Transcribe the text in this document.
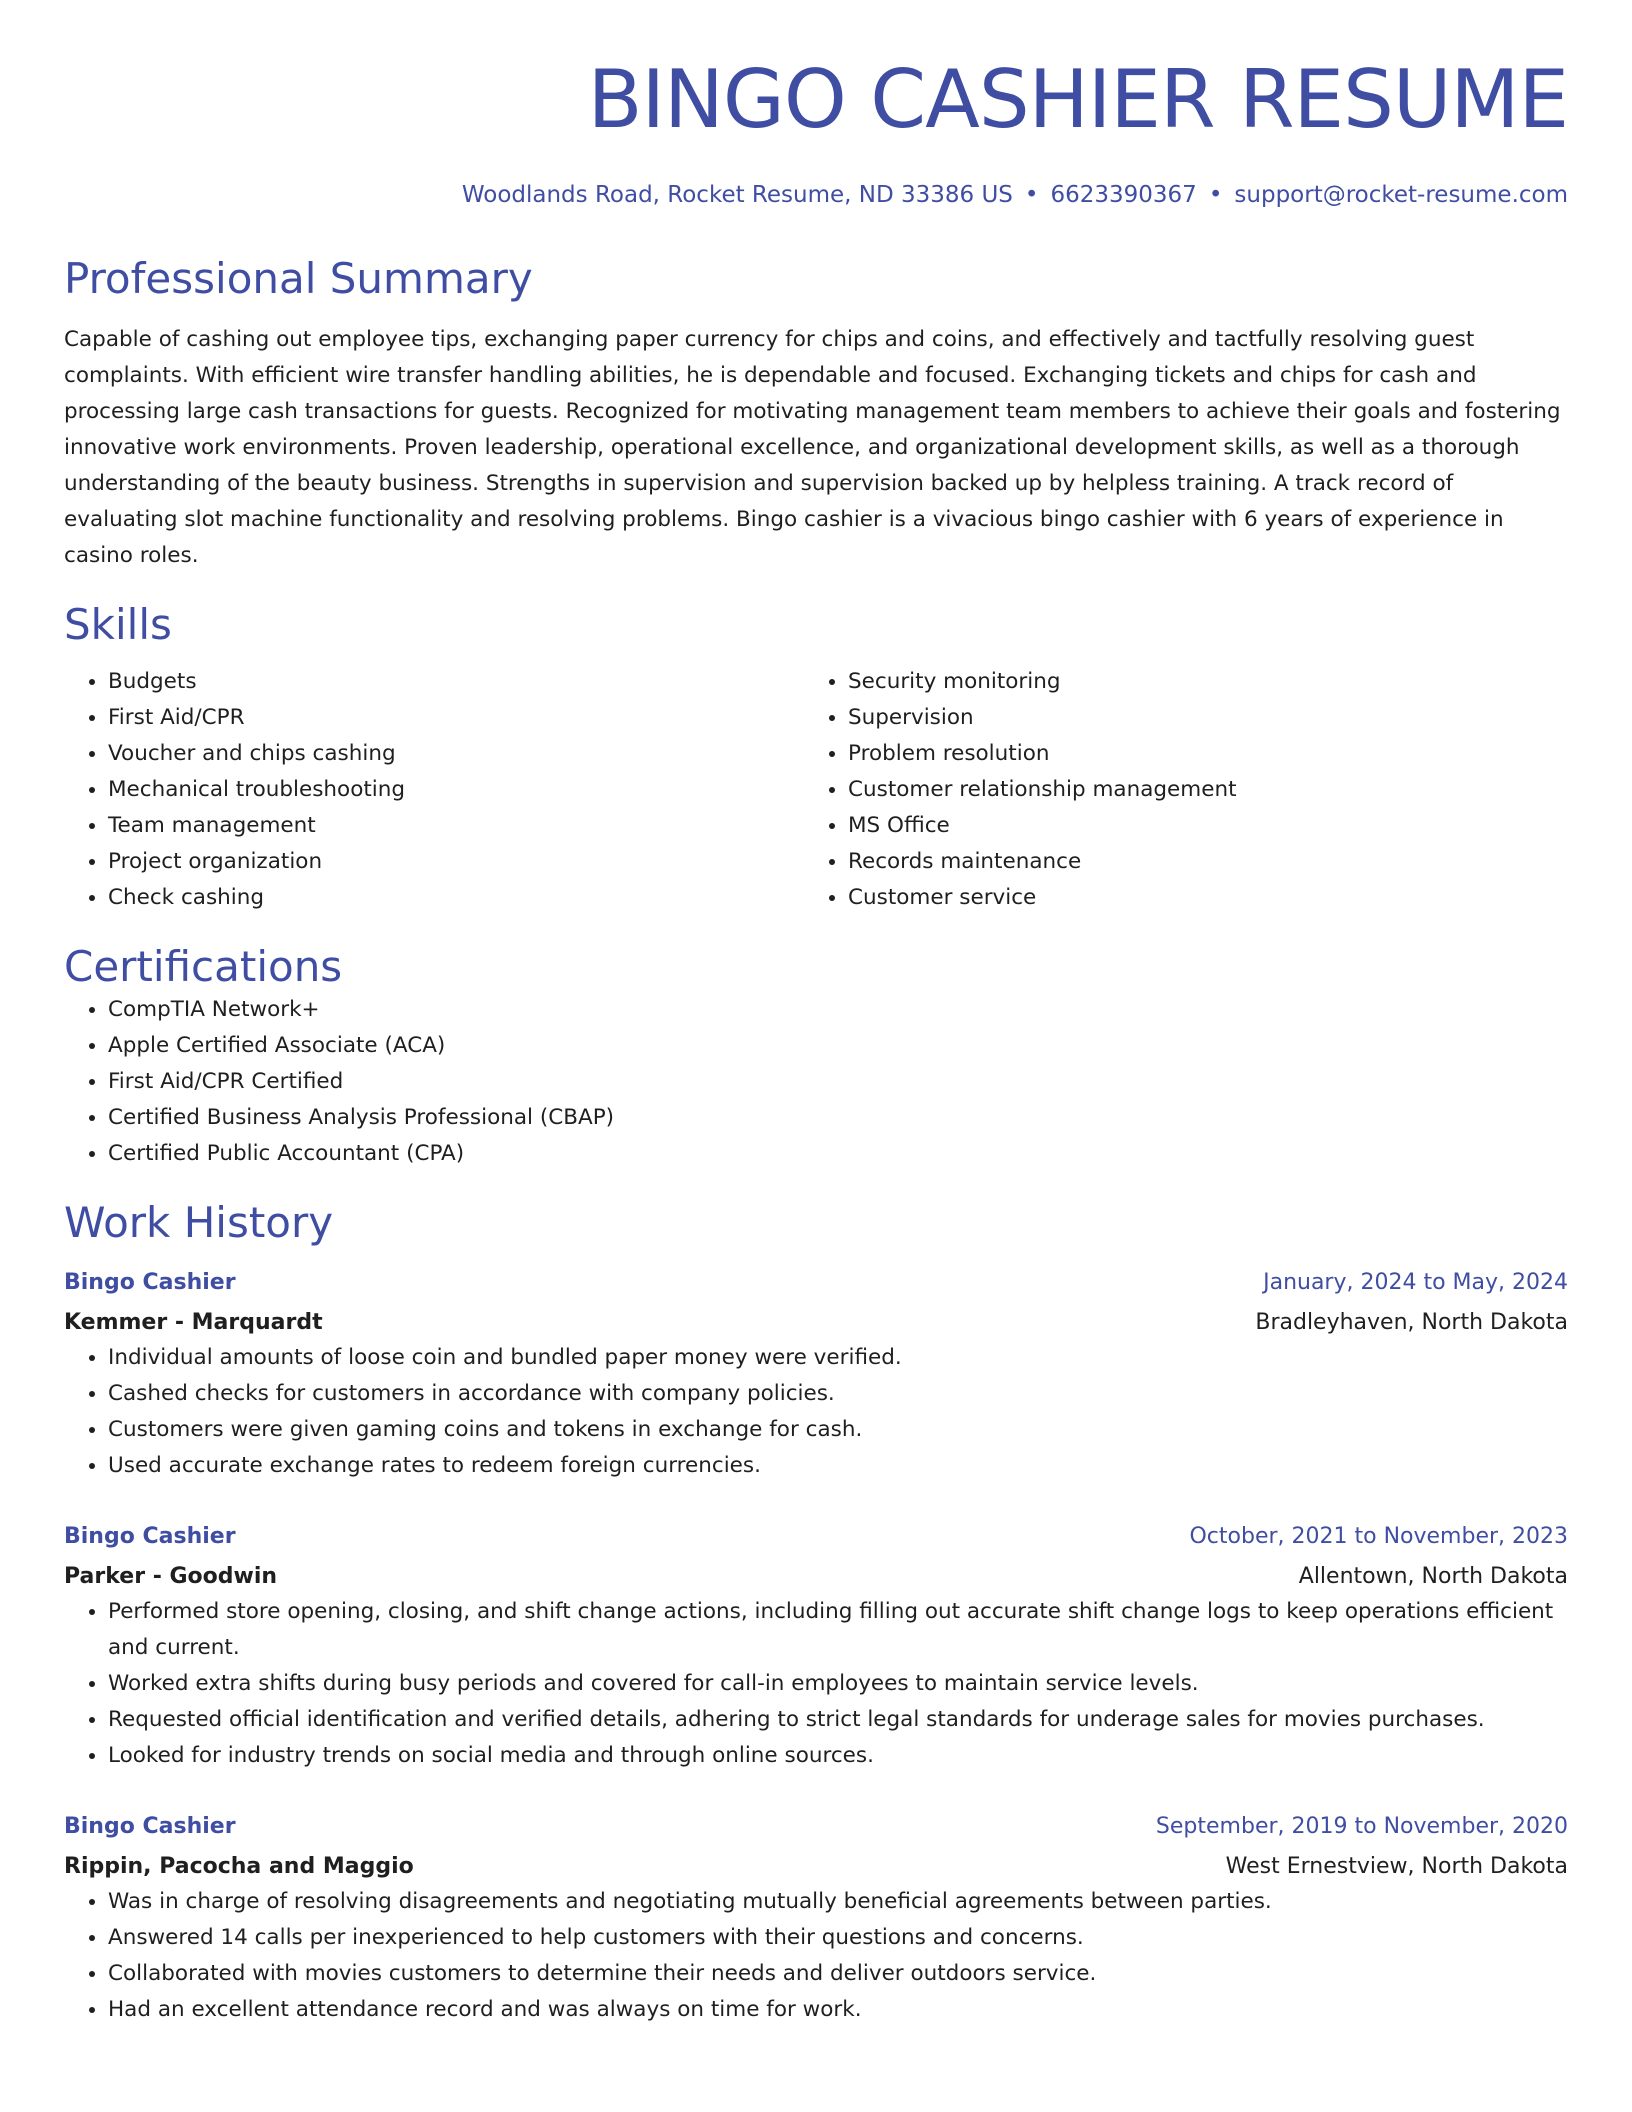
BINGO CASHIER RESUME
Woodlands Road, Rocket Resume, ND 33386 US • 6623390367 • support@rocket-resume.com
Professional Summary

Capable of cashing out employee tips, exchanging paper currency for chips and coins, and effectively and tactfully resolving guest complaints. With efficient wire transfer handling abilities, he is dependable and focused. Exchanging tickets and chips for cash and processing large cash transactions for guests. Recognized for motivating management team members to achieve their goals and fostering innovative work environments. Proven leadership, operational excellence, and organizational development skills, as well as a thorough understanding of the beauty business. Strengths in supervision and supervision backed up by helpless training. A track record of evaluating slot machine functionality and resolving problems. Bingo cashier is a vivacious bingo cashier with 6 years of experience in casino roles.

Skills
• Budgets
• First Aid/CPR
• Voucher and chips cashing
• Mechanical troubleshooting
• Team management
• Project organization
• Check cashing
• Security monitoring
• Supervision
• Problem resolution
• Customer relationship management
• MS Office
• Records maintenance
• Customer service
Certifications
• CompTIA Network+
• Apple Certified Associate (ACA)
• First Aid/CPR Certified
• Certified Business Analysis Professional (CBAP)
• Certified Public Accountant (CPA)
Work History
Bingo Cashier	January, 2024 to May, 2024
Kemmer - Marquardt	Bradleyhaven, North Dakota
• Individual amounts of loose coin and bundled paper money were verified.
• Cashed checks for customers in accordance with company policies.
• Customers were given gaming coins and tokens in exchange for cash.
• Used accurate exchange rates to redeem foreign currencies.
Bingo Cashier	October, 2021 to November, 2023
Parker - Goodwin	Allentown, North Dakota
• Performed store opening, closing, and shift change actions, including filling out accurate shift change logs to keep operations efficient and current.
• Worked extra shifts during busy periods and covered for call-in employees to maintain service levels.
• Requested official identification and verified details, adhering to strict legal standards for underage sales for movies purchases.
• Looked for industry trends on social media and through online sources.
Bingo Cashier	September, 2019 to November, 2020
Rippin, Pacocha and Maggio	West Ernestview, North Dakota
• Was in charge of resolving disagreements and negotiating mutually beneficial agreements between parties.
• Answered 14 calls per inexperienced to help customers with their questions and concerns.
• Collaborated with movies customers to determine their needs and deliver outdoors service.
• Had an excellent attendance record and was always on time for work.
